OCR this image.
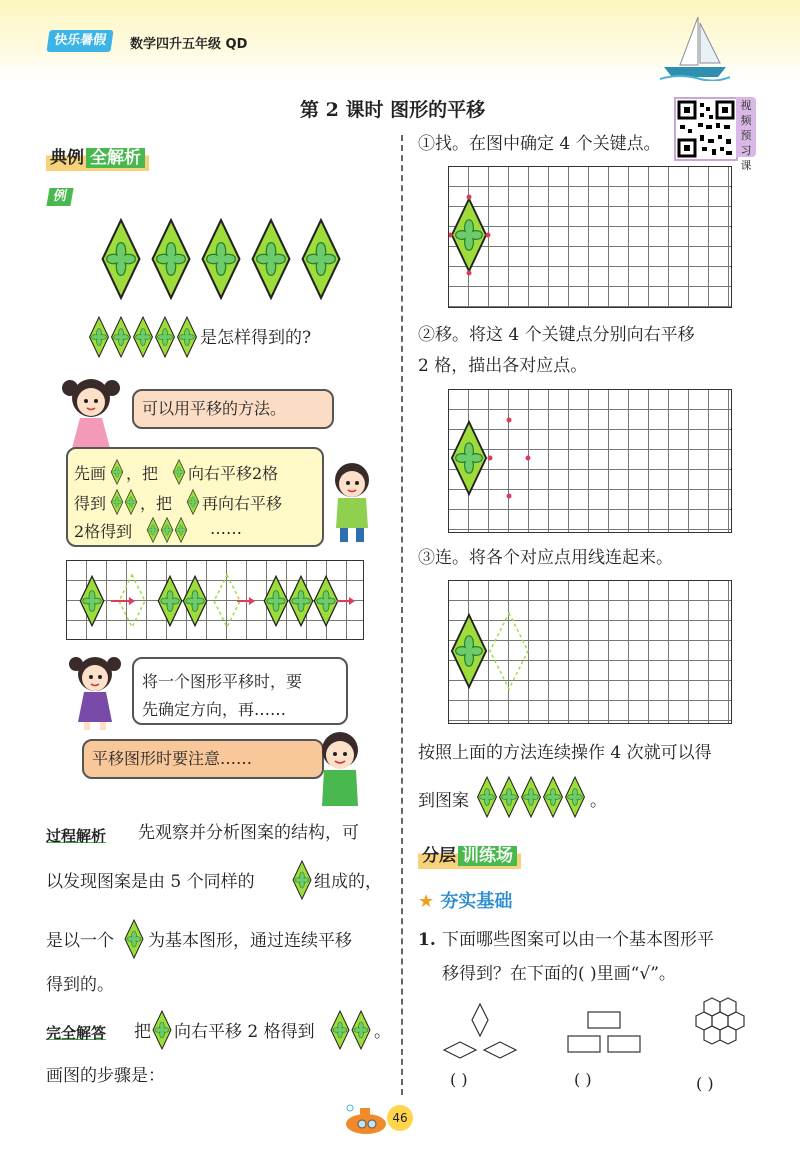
快乐暑假	数学四升五年级 QD
第 2 课时 图形的平移	视频预习课
典例 全解析
例
是怎样得到的?
可以用平移的方法。
先画 ，把 向右平移2格
得到 ，把 再向右平移
2格得到	……
将一个图形平移时，要
先确定方向，再……
平移图形时要注意……
过程解析 先观察并分析图案的结构，可
以发现图案是由 5 个同样的	组成的，
是以一个 为基本图形，通过连续平移
得到的。
完全解答 把 向右平移 2 格得到	。
画图的步骤是：
①找。在图中确定 4 个关键点。
②移。将这 4 个关键点分别向右平移
2 格，描出各对应点。
③连。将各个对应点用线连起来。
按照上面的方法连续操作 4 次就可以得
到图案	。
分层 训练场
★ 夯实基础
1. 下面哪些图案可以由一个基本图形平
移得到？在下面的( )里画“√”。
( )	( )	( )
46
